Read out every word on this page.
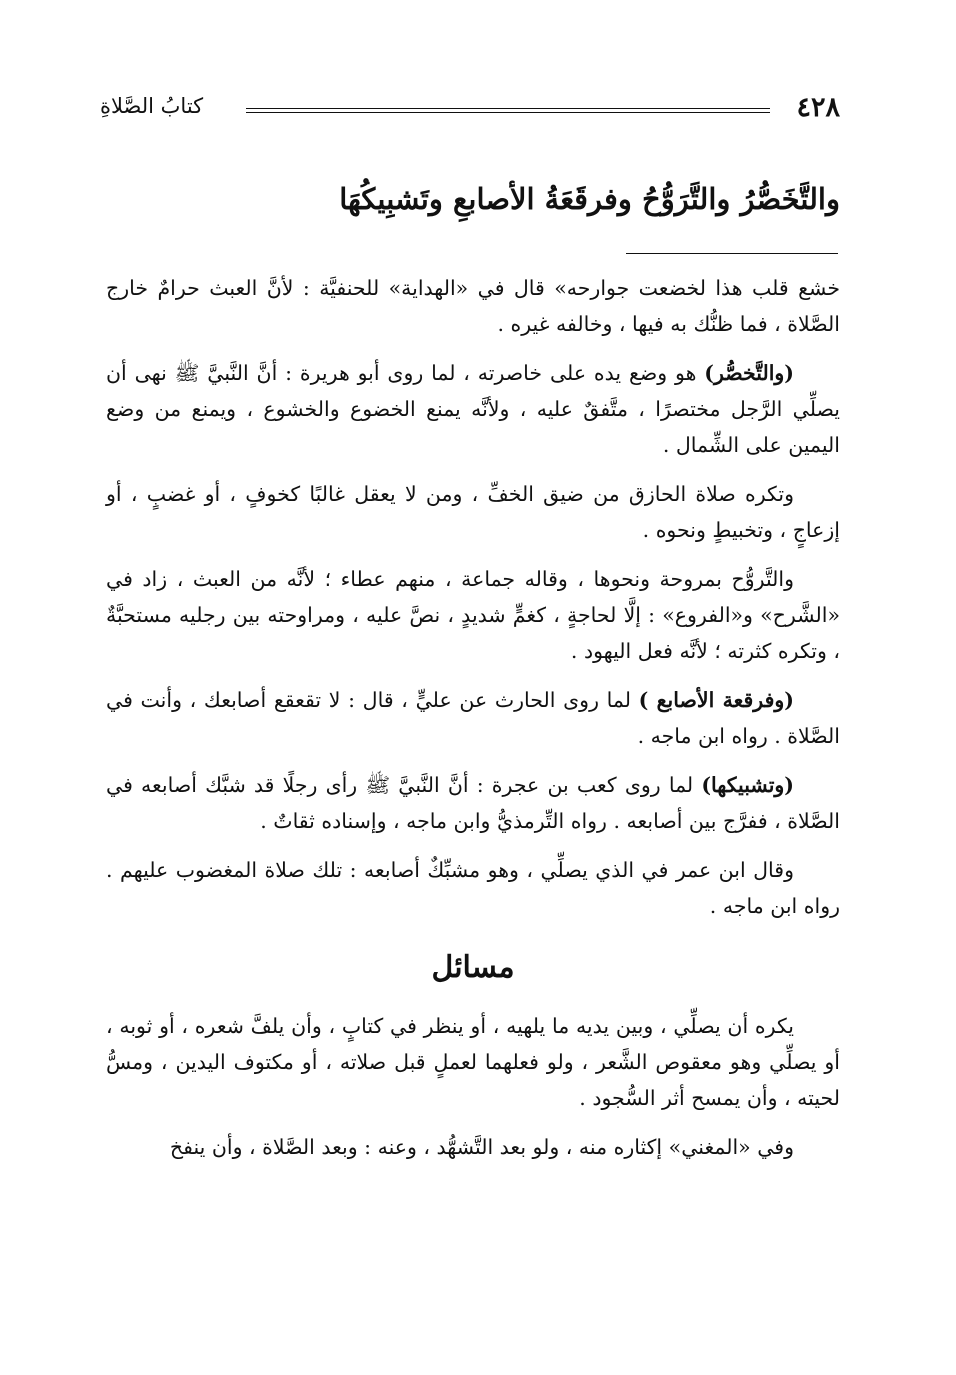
٤٢٨
كتابُ الصَّلاةِ
والتَّخَصُّرُ والتَّرَوُّحُ وفرقَعَةُ الأصابعِ وتَشبِيكُهَا

خشع قلب هذا لخضعت جوارحه» قال في «الهداية» للحنفيَّة : لأنَّ العبث حرامٌ خارج الصَّلاة ، فما ظنُّك به فيها ، وخالفه غيره .

(والتَّخصُّر) هو وضع يده على خاصرته ، لما روى أبو هريرة : أنَّ النَّبيَّ ﷺ نهى أن يصلِّي الرَّجل مختصرًا ، متَّفقٌ عليه ، ولأنَّه يمنع الخضوع والخشوع ، ويمنع من وضع اليمين على الشِّمال .

وتكره صلاة الحازق من ضيق الخفِّ ، ومن لا يعقل غالبًا كخوفٍ ، أو غضبٍ ، أو إزعاجٍ ، وتخبيطٍ ونحوه .

والتَّروُّح بمروحة ونحوها ، وقاله جماعة ، منهم عطاء ؛ لأنَّه من العبث ، زاد في «الشَّرح» و«الفروع» : إلَّا لحاجةٍ ، كغمٍّ شديدٍ ، نصَّ عليه ، ومراوحته بين رجليه مستحبَّةٌ ، وتكره كثرته ؛ لأنَّه فعل اليهود .

(وفرقعة الأصابع ) لما روى الحارث عن عليٍّ ، قال : لا تقعقع أصابعك ، وأنت في الصَّلاة . رواه ابن ماجه .

(وتشبيكها) لما روى كعب بن عجرة : أنَّ النَّبيَّ ﷺ رأى رجلًا قد شبَّك أصابعه في الصَّلاة ، ففرَّج بين أصابعه . رواه التِّرمذيُّ وابن ماجه ، وإسناده ثقاتٌ .

وقال ابن عمر في الذي يصلِّي ، وهو مشبِّكٌ أصابعه : تلك صلاة المغضوب عليهم . رواه ابن ماجه .

مسائل

يكره أن يصلِّي ، وبين يديه ما يلهيه ، أو ينظر في كتابٍ ، وأن يلفَّ شعره ، أو ثوبه ، أو يصلِّي وهو معقوص الشَّعر ، ولو فعلهما لعملٍ قبل صلاته ، أو مكتوف اليدين ، ومسُّ لحيته ، وأن يمسح أثر السُّجود .

وفي «المغني» إكثاره منه ، ولو بعد التَّشهُّد ، وعنه : وبعد الصَّلاة ، وأن ينفخ
